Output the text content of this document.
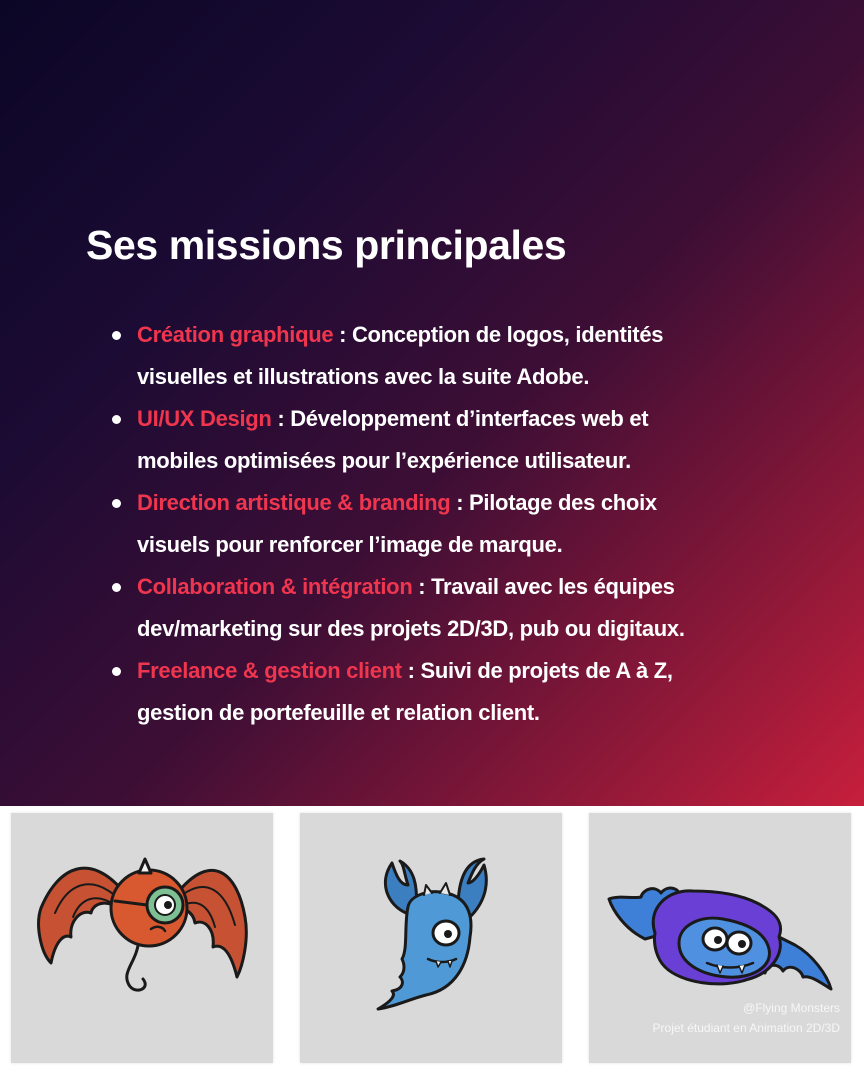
Ses missions principales
Création graphique : Conception de logos, identités
visuelles et illustrations avec la suite Adobe.
UI/UX Design : Développement d’interfaces web et
mobiles optimisées pour l’expérience utilisateur.
Direction artistique & branding : Pilotage des choix
visuels pour renforcer l’image de marque.
Collaboration & intégration : Travail avec les équipes
dev/marketing sur des projets 2D/3D, pub ou digitaux.
Freelance & gestion client : Suivi de projets de A à Z,
gestion de portefeuille et relation client.
@Flying Monsters
Projet étudiant en Animation 2D/3D
